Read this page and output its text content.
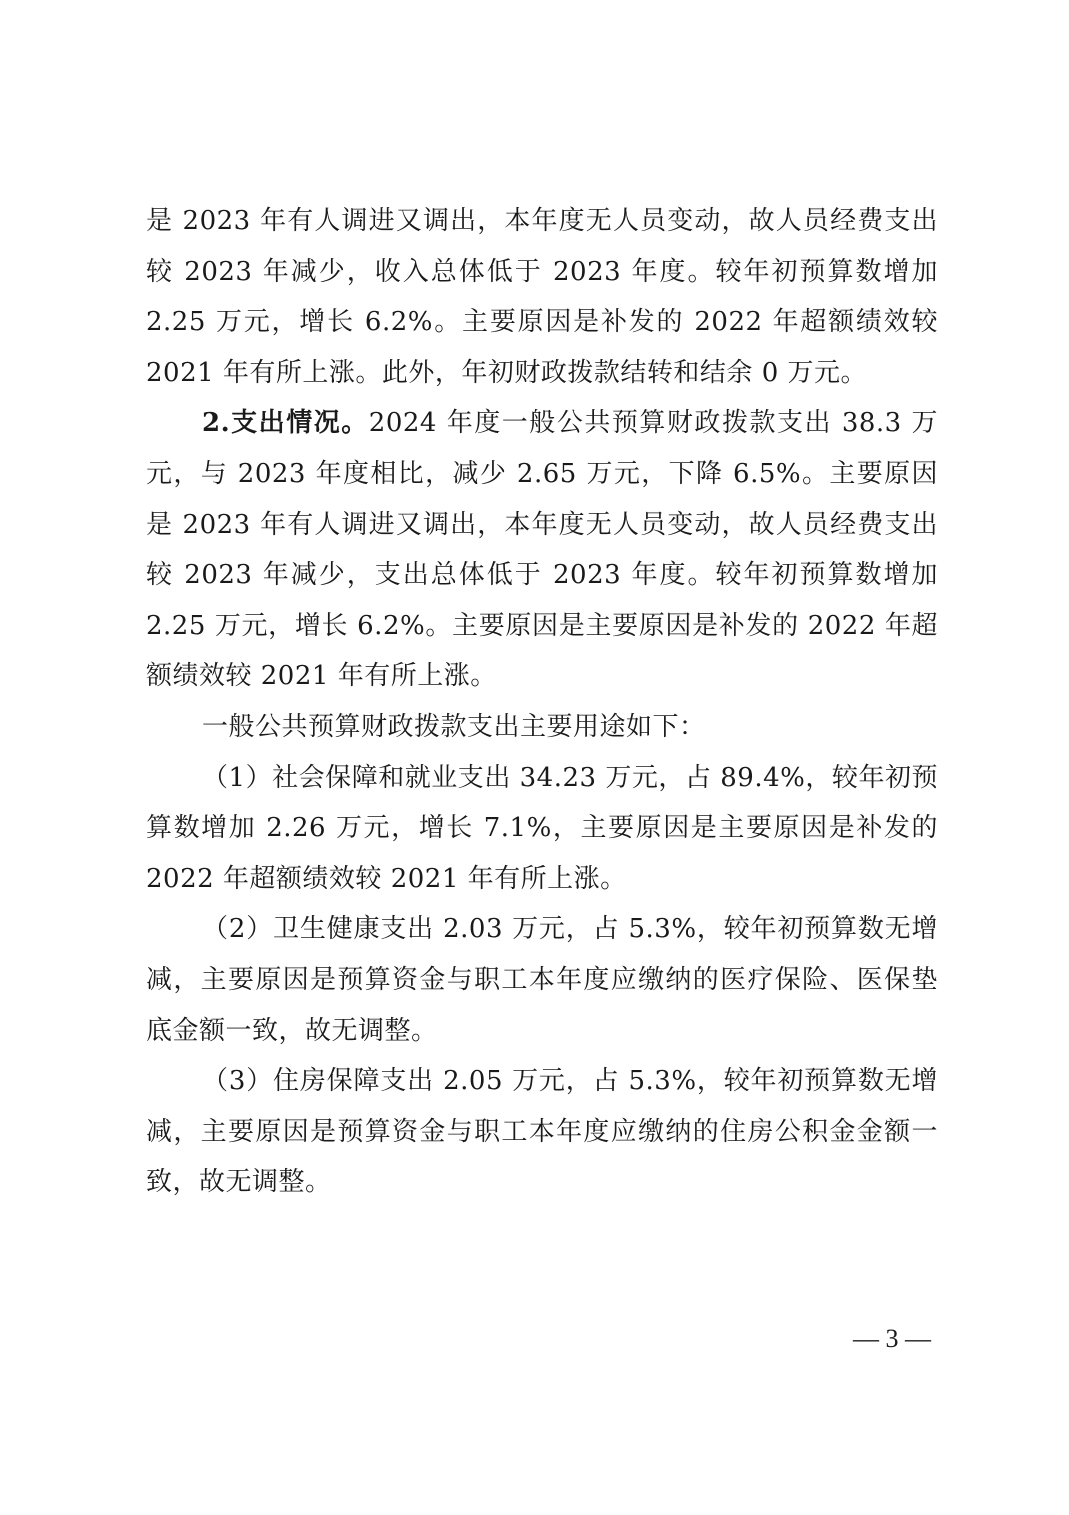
是 2023 年有人调进又调出，本年度无人员变动，故人员经费支出较 2023 年减少，收入总体低于 2023 年度。较年初预算数增加 2.25 万元，增长 6.2%。主要原因是补发的 2022 年超额绩效较 2021 年有所上涨。此外，年初财政拨款结转和结余 0 万元。

2.支出情况。2024 年度一般公共预算财政拨款支出 38.3 万元，与 2023 年度相比，减少 2.65 万元，下降 6.5%。主要原因是 2023 年有人调进又调出，本年度无人员变动，故人员经费支出较 2023 年减少，支出总体低于 2023 年度。较年初预算数增加 2.25 万元，增长 6.2%。主要原因是主要原因是补发的 2022 年超额绩效较 2021 年有所上涨。

一般公共预算财政拨款支出主要用途如下：

（1）社会保障和就业支出 34.23 万元，占 89.4%，较年初预算数增加 2.26 万元，增长 7.1%，主要原因是主要原因是补发的 2022 年超额绩效较 2021 年有所上涨。

（2）卫生健康支出 2.03 万元，占 5.3%，较年初预算数无增减，主要原因是预算资金与职工本年度应缴纳的医疗保险、医保垫底金额一致，故无调整。

（3）住房保障支出 2.05 万元，占 5.3%，较年初预算数无增减，主要原因是预算资金与职工本年度应缴纳的住房公积金金额一致，故无调整。

— 3 —
